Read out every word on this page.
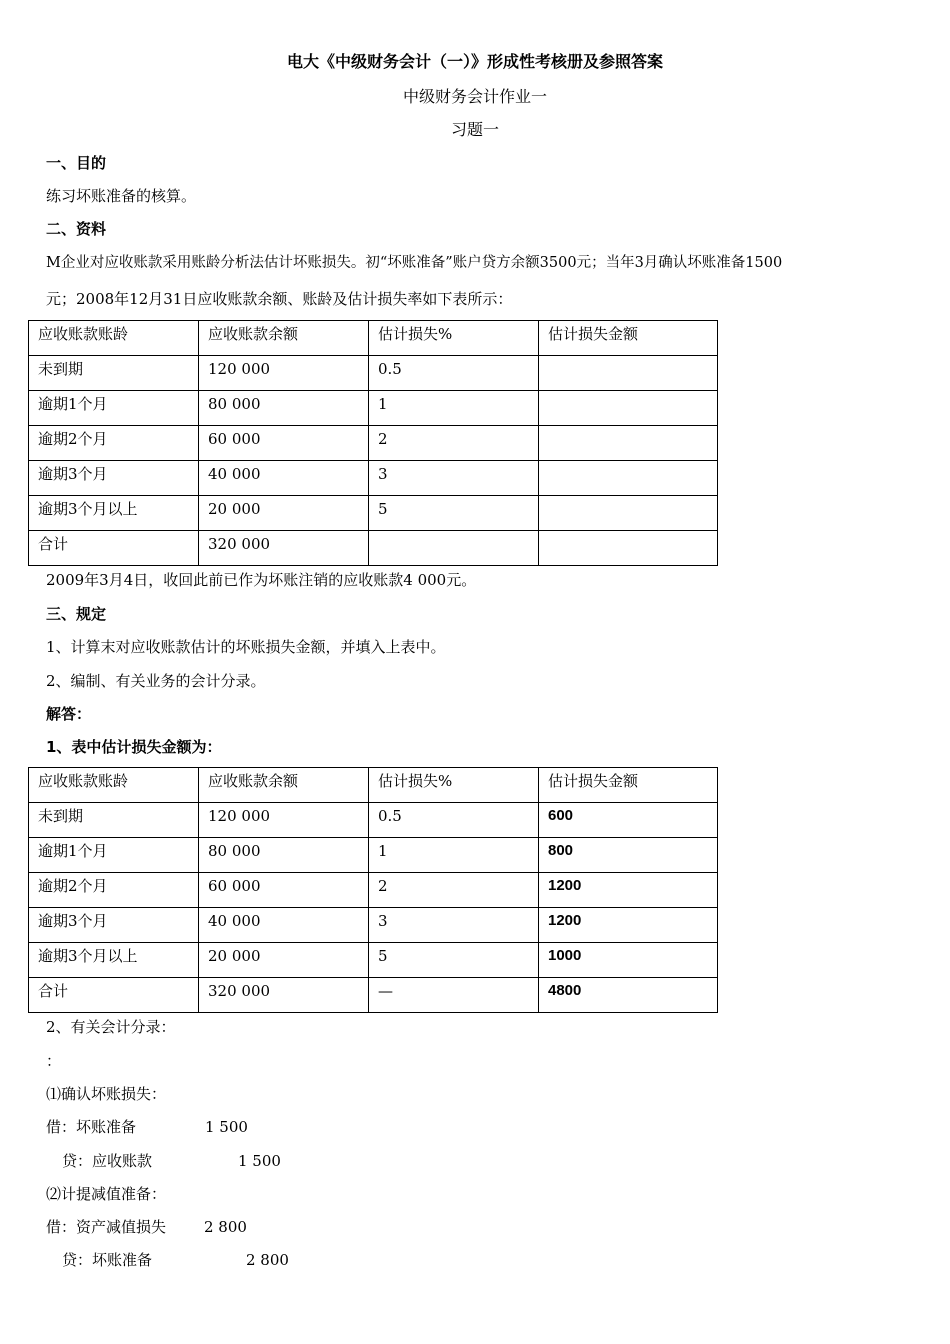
电大《中级财务会计（一）》形成性考核册及参照答案
中级财务会计作业一
习题一
一、目的
练习坏账准备的核算。
二、资料
M企业对应收账款采用账龄分析法估计坏账损失。初“坏账准备”账户贷方余额3500元；当年3月确认坏账准备1500
元；2008年12月31日应收账款余额、账龄及估计损失率如下表所示：
应收账款账龄	应收账款余额	估计损失%	估计损失金额
未到期	120 000	0.5	
逾期1个月	80 000	1	
逾期2个月	60 000	2	
逾期3个月	40 000	3	
逾期3个月以上	20 000	5	
合计	320 000		
2009年3月4日，收回此前已作为坏账注销的应收账款4 000元。
三、规定
1、计算末对应收账款估计的坏账损失金额，并填入上表中。
2、编制、有关业务的会计分录。
解答：
1、表中估计损失金额为：
应收账款账龄	应收账款余额	估计损失%	估计损失金额
未到期	120 000	0.5	600
逾期1个月	80 000	1	800
逾期2个月	60 000	2	1200
逾期3个月	40 000	3	1200
逾期3个月以上	20 000	5	1000
合计	320 000	—	4800
2、有关会计分录：
：
⑴确认坏账损失：
借：坏账准备	1 500
贷：应收账款	1 500
⑵计提减值准备：
借：资产减值损失	2 800
贷：坏账准备	2 800
